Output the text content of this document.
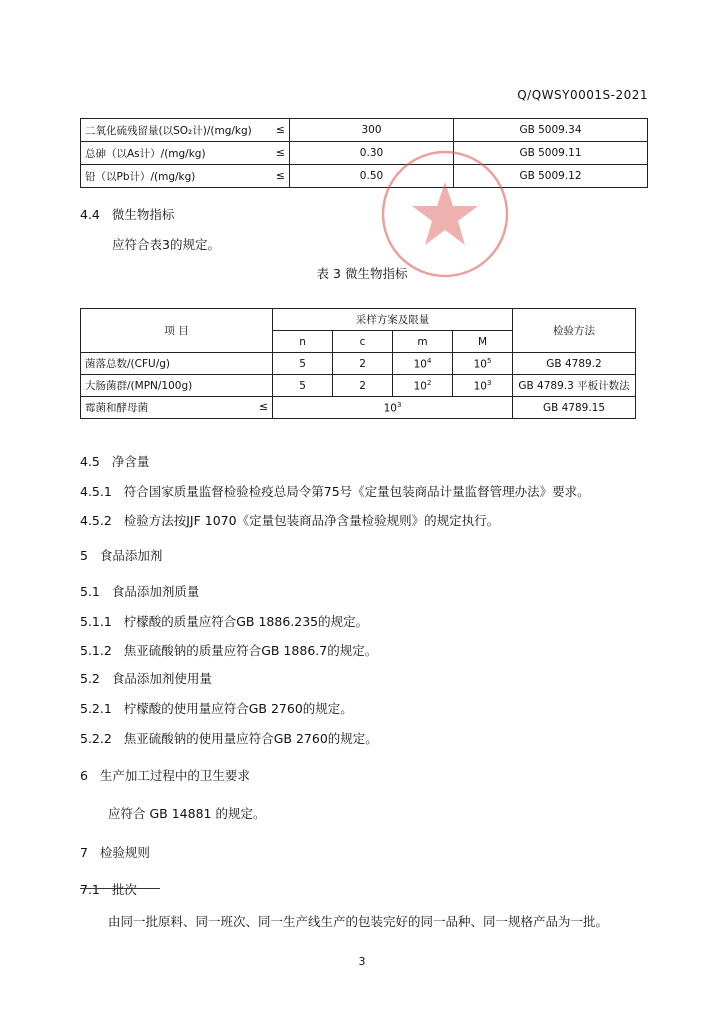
Q/QWSY0001S-2021
二氧化硫残留量(以SO₂计)/(mg/kg) ≤	300	GB 5009.34
总砷（以As计）/(mg/kg) ≤	0.30	GB 5009.11
铅（以Pb计）/(mg/kg) ≤	0.50	GB 5009.12
4.4 微生物指标
应符合表3的规定。
表 3 微生物指标
项 目	采样方案及限量				检验方法
	n	c	m	M	
菌落总数/(CFU/g)	5	2	$10^4$	$10^5$	GB 4789.2
大肠菌群/(MPN/100g)	5	2	$10^2$	$10^3$	GB 4789.3 平板计数法
霉菌和酵母菌 ≤	$10^3$				GB 4789.15
4.5 净含量
4.5.1 符合国家质量监督检验检疫总局令第75号《定量包装商品计量监督管理办法》要求。
4.5.2 检验方法按JJF 1070《定量包装商品净含量检验规则》的规定执行。
5 食品添加剂
5.1 食品添加剂质量
5.1.1 柠檬酸的质量应符合GB 1886.235的规定。
5.1.2 焦亚硫酸钠的质量应符合GB 1886.7的规定。
5.2 食品添加剂使用量
5.2.1 柠檬酸的使用量应符合GB 2760的规定。
5.2.2 焦亚硫酸钠的使用量应符合GB 2760的规定。
6 生产加工过程中的卫生要求
应符合 GB 14881 的规定。
7 检验规则
7.1 批次
由同一批原料、同一班次、同一生产线生产的包装完好的同一品种、同一规格产品为一批。
3
